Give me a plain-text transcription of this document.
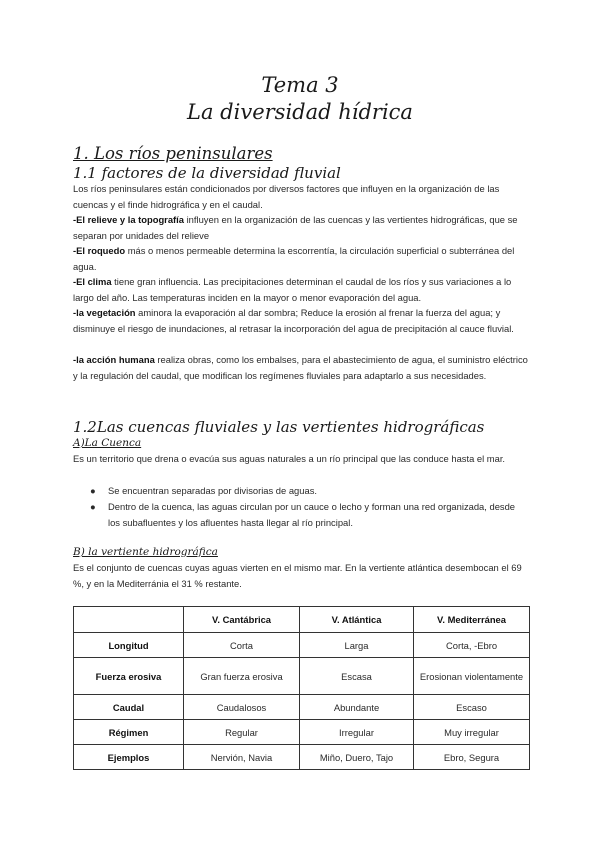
Tema 3
La diversidad hídrica
1. Los ríos peninsulares
1.1 factores de la diversidad fluvial
Los ríos peninsulares están condicionados por diversos factores que influyen en la organización de las cuencas y el finde hidrográfica y en el caudal.
-El relieve y la topografía influyen en la organización de las cuencas y las vertientes hidrográficas, que se separan por unidades del relieve
-El roquedo más o menos permeable determina la escorrentía, la circulación superficial o subterránea del agua.
-El clima tiene gran influencia. Las precipitaciones determinan el caudal de los ríos y sus variaciones a lo largo del año. Las temperaturas inciden en la mayor o menor evaporación del agua.
-la vegetación aminora la evaporación al dar sombra; Reduce la erosión al frenar la fuerza del agua; y disminuye el riesgo de inundaciones, al retrasar la incorporación del agua de precipitación al cauce fluvial.
-la acción humana realiza obras, como los embalses, para el abastecimiento de agua, el suministro eléctrico y la regulación del caudal, que modifican los regímenes fluviales para adaptarlo a sus necesidades.
1.2Las cuencas fluviales y las vertientes hidrográficas
A)La Cuenca
Es un territorio que drena o evacúa sus aguas naturales a un río principal que las conduce hasta el mar.
● Se encuentran separadas por divisorias de aguas.
● Dentro de la cuenca, las aguas circulan por un cauce o lecho y forman una red organizada, desde los subafluentes y los afluentes hasta llegar al río principal.
B) la vertiente hidrográfica
Es el conjunto de cuencas cuyas aguas vierten en el mismo mar. En la vertiente atlántica desembocan el 69 %, y en la Mediterránia el 31 % restante.
	V. Cantábrica	V. Atlántica	V. Mediterránea
Longitud	Corta	Larga	Corta, -Ebro
Fuerza erosiva	Gran fuerza erosiva	Escasa	Erosionan violentamente
Caudal	Caudalosos	Abundante	Escaso
Régimen	Regular	Irregular	Muy irregular
Ejemplos	Nervión, Navia	Miño, Duero, Tajo	Ebro, Segura
